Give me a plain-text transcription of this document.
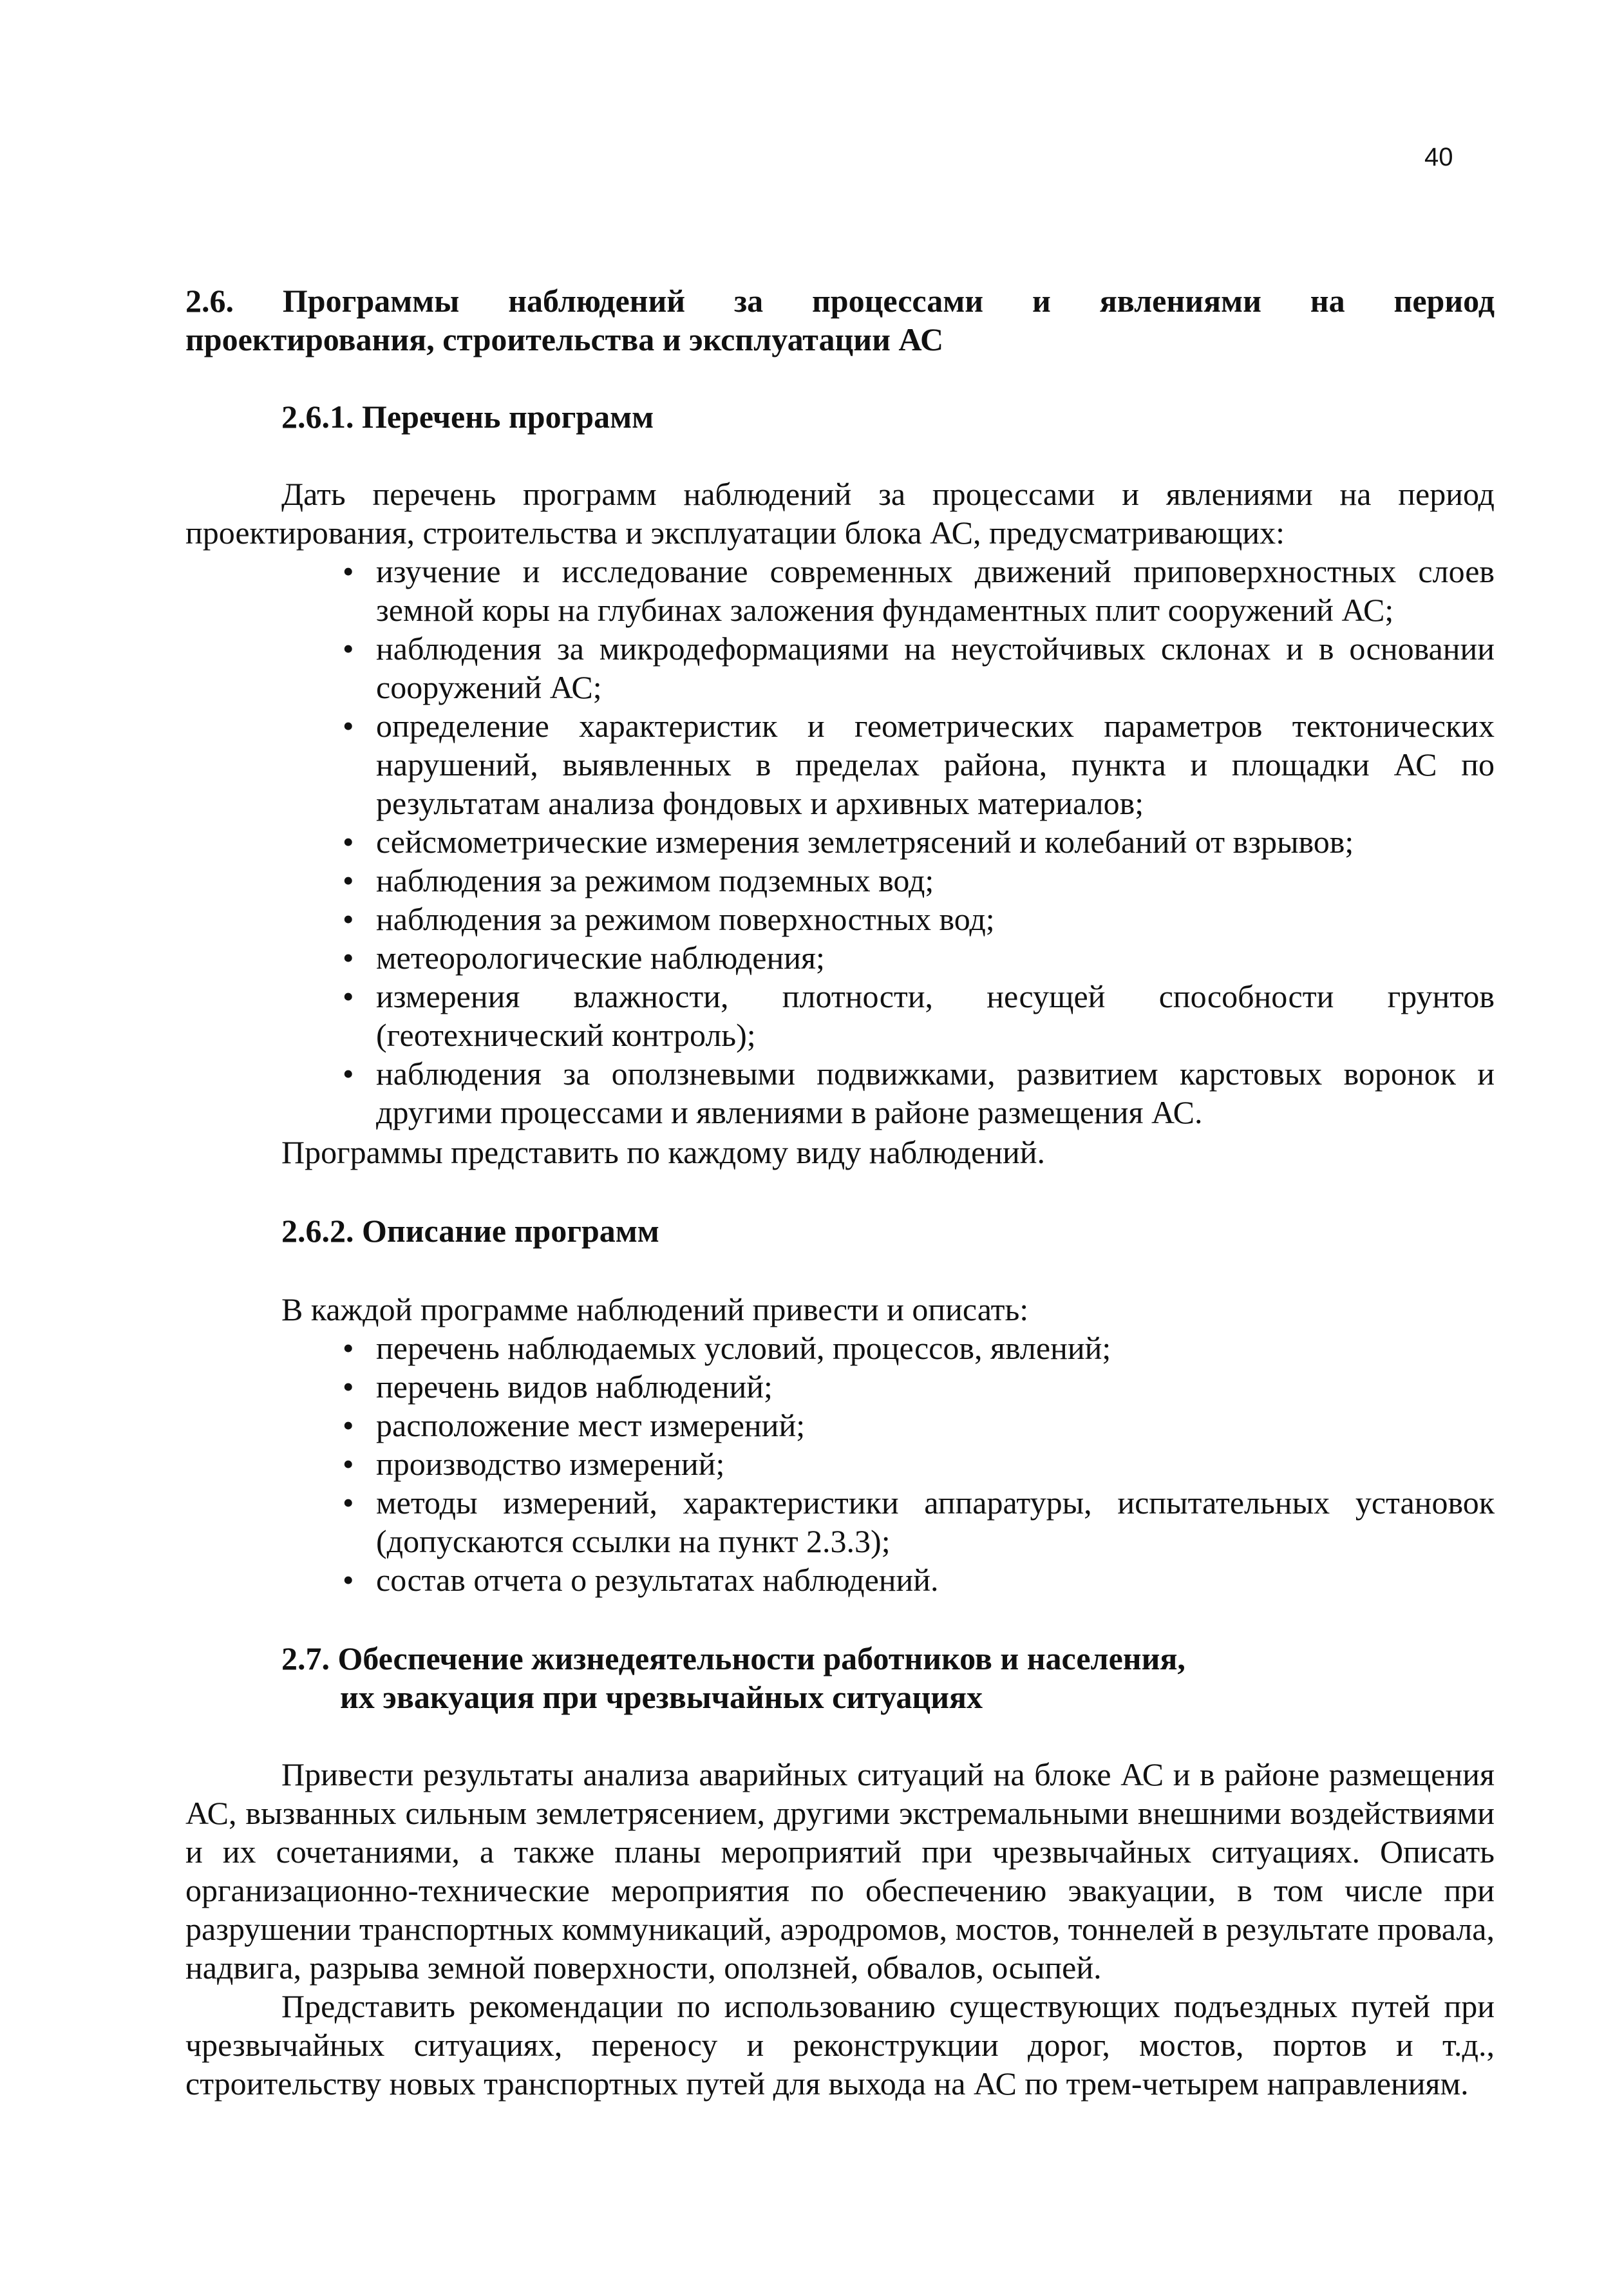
40
2.6. Программы наблюдений за процессами и явлениями на период
проектирования, строительства и эксплуатации АС
2.6.1. Перечень программ
Дать перечень программ наблюдений за процессами и явлениями на период проектирования, строительства и эксплуатации блока АС, предусматривающих:
• изучение и исследование современных движений приповерхностных слоев земной коры на глубинах заложения фундаментных плит сооружений АС;
• наблюдения за микродеформациями на неустойчивых склонах и в основании сооружений АС;
• определение характеристик и геометрических параметров тектонических нарушений, выявленных в пределах района, пункта и площадки АС по результатам анализа фондовых и архивных материалов;
• сейсмометрические измерения землетрясений и колебаний от взрывов;
• наблюдения за режимом подземных вод;
• наблюдения за режимом поверхностных вод;
• метеорологические наблюдения;
• измерения влажности, плотности, несущей способности грунтов (геотехнический контроль);
• наблюдения за оползневыми подвижками, развитием карстовых воронок и другими процессами и явлениями в районе размещения АС.
Программы представить по каждому виду наблюдений.
2.6.2. Описание программ
В каждой программе наблюдений привести и описать:
• перечень наблюдаемых условий, процессов, явлений;
• перечень видов наблюдений;
• расположение мест измерений;
• производство измерений;
• методы измерений, характеристики аппаратуры, испытательных установок (допускаются ссылки на пункт 2.3.3);
• состав отчета о результатах наблюдений.
2.7. Обеспечение жизнедеятельности работников и населения,
их эвакуация при чрезвычайных ситуациях
Привести результаты анализа аварийных ситуаций на блоке АС и в районе размещения АС, вызванных сильным землетрясением, другими экстремальными внешними воздействиями и их сочетаниями, а также планы мероприятий при чрезвычайных ситуациях. Описать организационно-технические мероприятия по обеспечению эвакуации, в том числе при разрушении транспортных коммуникаций, аэродромов, мостов, тоннелей в результате провала, надвига, разрыва земной поверхности, оползней, обвалов, осыпей.
Представить рекомендации по использованию существующих подъездных путей при чрезвычайных ситуациях, переносу и реконструкции дорог, мостов, портов и т.д., строительству новых транспортных путей для выхода на АС по трем-четырем направлениям.
